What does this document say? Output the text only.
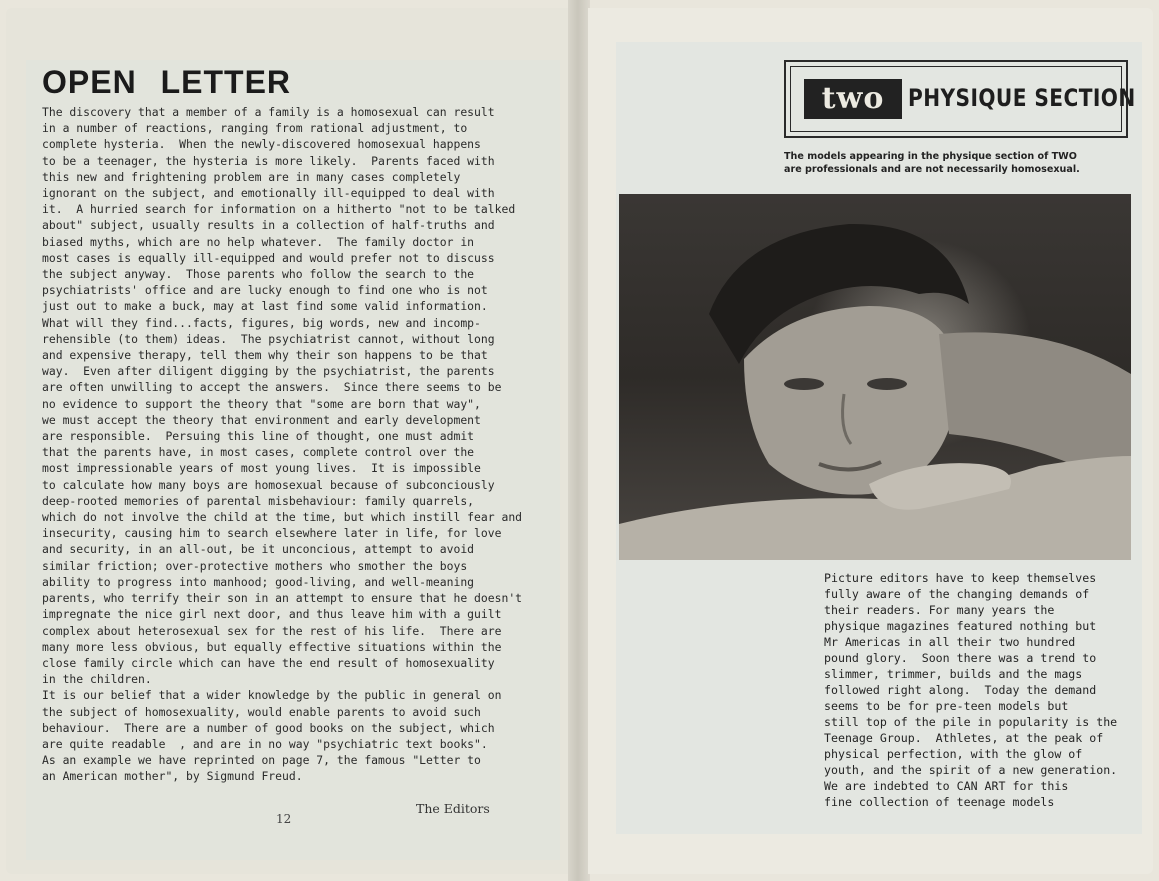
OPEN LETTER

The discovery that a member of a family is a homosexual can result

in a number of reactions, ranging from rational adjustment, to

complete hysteria.  When the newly-discovered homosexual happens

to be a teenager, the hysteria is more likely.  Parents faced with

this new and frightening problem are in many cases completely

ignorant on the subject, and emotionally ill-equipped to deal with

it.  A hurried search for information on a hitherto "not to be talked

about" subject, usually results in a collection of half-truths and

biased myths, which are no help whatever.  The family doctor in

most cases is equally ill-equipped and would prefer not to discuss

the subject anyway.  Those parents who follow the search to the

psychiatrists' office and are lucky enough to find one who is not

just out to make a buck, may at last find some valid information.

What will they find...facts, figures, big words, new and incomp-

rehensible (to them) ideas.  The psychiatrist cannot, without long

and expensive therapy, tell them why their son happens to be that

way.  Even after diligent digging by the psychiatrist, the parents

are often unwilling to accept the answers.  Since there seems to be

no evidence to support the theory that "some are born that way",

we must accept the theory that environment and early development

are responsible.  Persuing this line of thought, one must admit

that the parents have, in most cases, complete control over the

most impressionable years of most young lives.  It is impossible

to calculate how many boys are homosexual because of subconciously

deep-rooted memories of parental misbehaviour: family quarrels,

which do not involve the child at the time, but which instill fear and

insecurity, causing him to search elsewhere later in life, for love

and security, in an all-out, be it unconcious, attempt to avoid

similar friction; over-protective mothers who smother the boys

ability to progress into manhood; good-living, and well-meaning

parents, who terrify their son in an attempt to ensure that he doesn't

impregnate the nice girl next door, and thus leave him with a guilt

complex about heterosexual sex for the rest of his life.  There are

many more less obvious, but equally effective situations within the

close family circle which can have the end result of homosexuality

in the children.

It is our belief that a wider knowledge by the public in general on

the subject of homosexuality, would enable parents to avoid such

behaviour.  There are a number of good books on the subject, which

are quite readable  , and are in no way "psychiatric text books".

As an example we have reprinted on page 7, the famous "Letter to

an American mother", by Sigmund Freud.

12
The Editors
two PHYSIQUE SECTION

The models appearing in the physique section of TWO are professionals and are not necessarily homosexual.

Picture editors have to keep themselves

fully aware of the changing demands of

their readers. For many years the

physique magazines featured nothing but

Mr Americas in all their two hundred

pound glory.  Soon there was a trend to

slimmer, trimmer, builds and the mags

followed right along.  Today the demand

seems to be for pre-teen models but

still top of the pile in popularity is the

Teenage Group.  Athletes, at the peak of

physical perfection, with the glow of

youth, and the spirit of a new generation.

We are indebted to CAN ART for this

fine collection of teenage models
